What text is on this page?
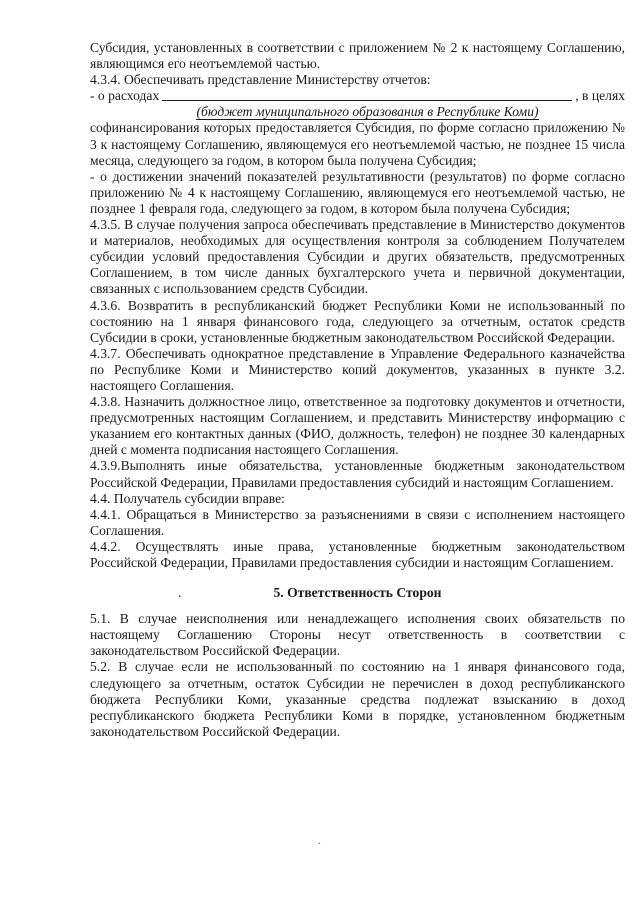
Субсидия, установленных в соответствии с приложением № 2 к настоящему Соглашению, являющимся его неотъемлемой частью.

4.3.4. Обеспечивать представление Министерству отчетов:

- о расходах	, в целях

(бюджет муниципального образования в Республике Коми)

софинансирования которых предоставляется Субсидия, по форме согласно приложению № 3 к настоящему Соглашению, являющемуся его неотъемлемой частью, не позднее 15 числа месяца, следующего за годом, в котором была получена Субсидия;

- о достижении значений показателей результативности (результатов) по форме согласно приложению № 4 к настоящему Соглашению, являющемуся его неотъемлемой частью, не позднее 1 февраля года, следующего за годом, в котором была получена Субсидия;

4.3.5. В случае получения запроса обеспечивать представление в Министерство документов и материалов, необходимых для осуществления контроля за соблюдением Получателем субсидии условий предоставления Субсидии и других обязательств, предусмотренных Соглашением, в том числе данных бухгалтерского учета и первичной документации, связанных с использованием средств Субсидии.

4.3.6. Возвратить в республиканский бюджет Республики Коми не использованный по состоянию на 1 января финансового года, следующего за отчетным, остаток средств Субсидии в сроки, установленные бюджетным законодательством Российской Федерации.

4.3.7. Обеспечивать однократное представление в Управление Федерального казначейства по Республике Коми и Министерство копий документов, указанных в пункте 3.2. настоящего Соглашения.

4.3.8. Назначить должностное лицо, ответственное за подготовку документов и отчетности, предусмотренных настоящим Соглашением, и представить Министерству информацию с указанием его контактных данных (ФИО, должность, телефон) не позднее 30 календарных дней с момента подписания настоящего Соглашения.

4.3.9.Выполнять иные обязательства, установленные бюджетным законодательством Российской Федерации, Правилами предоставления субсидий и настоящим Соглашением.

4.4. Получатель субсидии вправе:

4.4.1. Обращаться в Министерство за разъяснениями в связи с исполнением настоящего Соглашения.

4.4.2. Осуществлять иные права, установленные бюджетным законодательством Российской Федерации, Правилами предоставления субсидии и настоящим Соглашением.

.	5. Ответственность Сторон

5.1. В случае неисполнения или ненадлежащего исполнения своих обязательств по настоящему Соглашению Стороны несут ответственность в соответствии с законодательством Российской Федерации.

5.2. В случае если не использованный по состоянию на 1 января финансового года, следующего за отчетным, остаток Субсидии не перечислен в доход республиканского бюджета Республики Коми, указанные средства подлежат взысканию в доход республиканского бюджета Республики Коми в порядке, установленном бюджетным законодательством Российской Федерации.

.
